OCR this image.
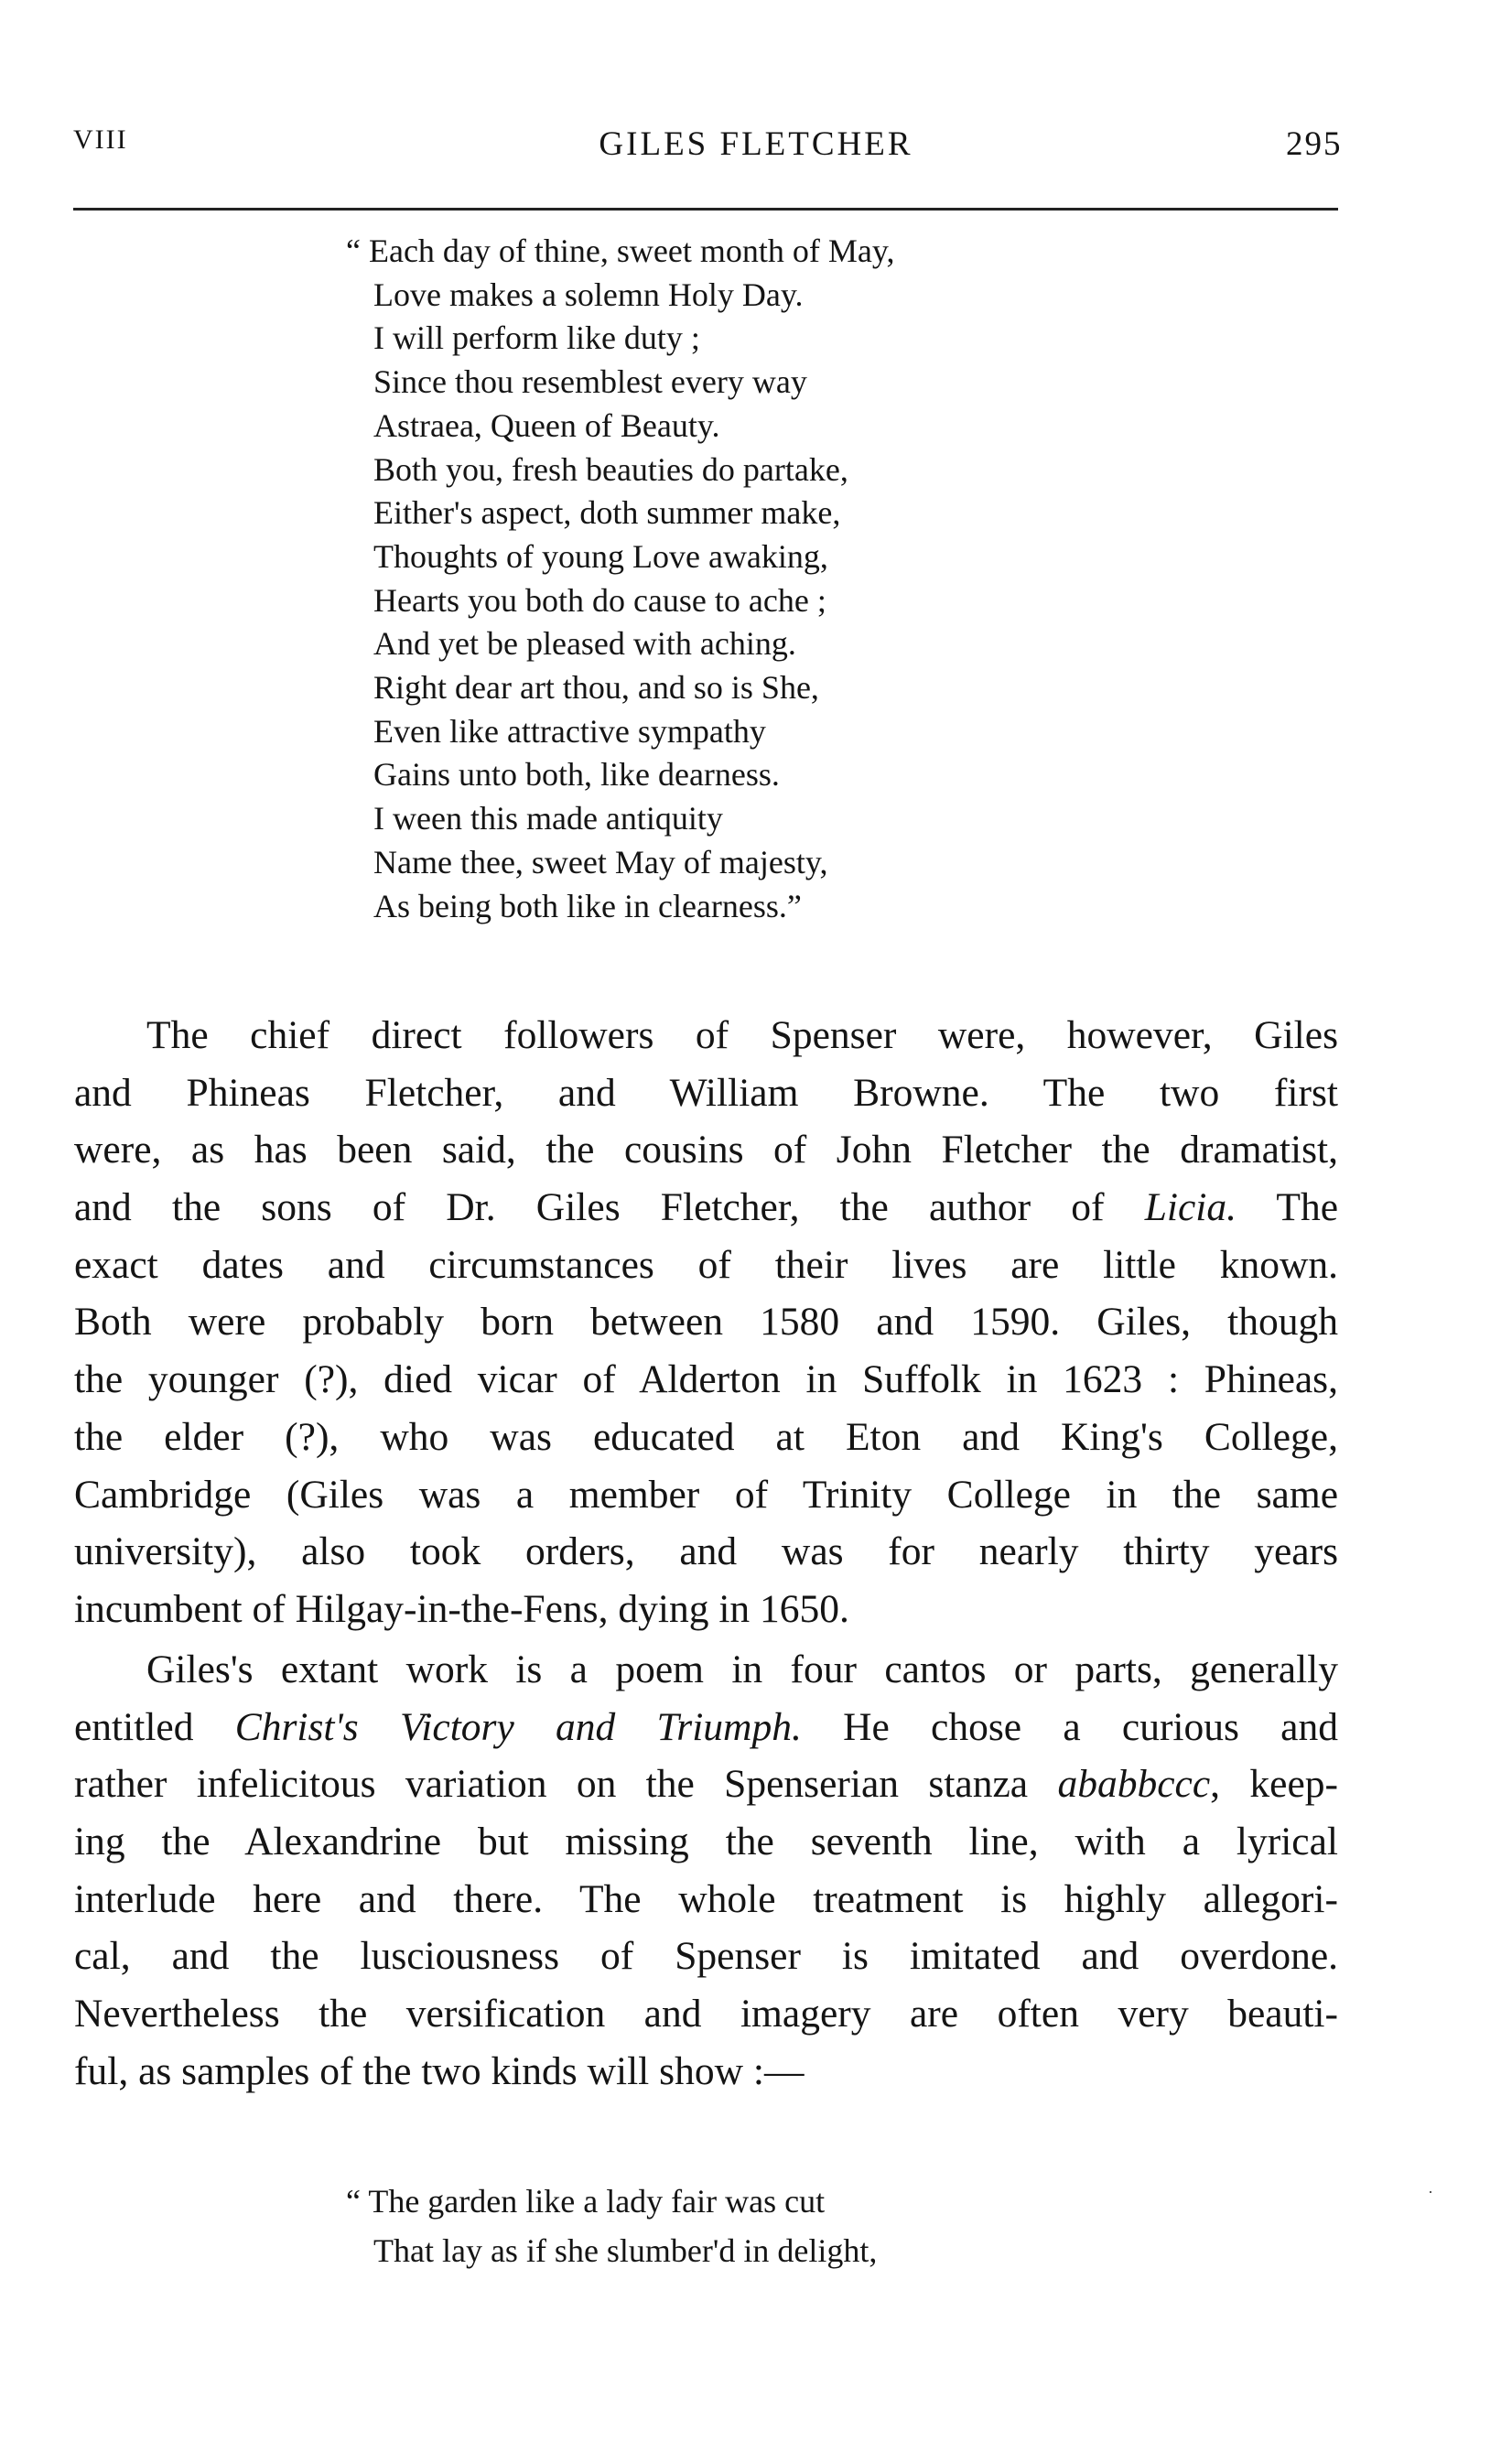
VIII	GILES FLETCHER	295
“ Each day of thine, sweet month of May,
Love makes a solemn Holy Day.
I will perform like duty ;
Since thou resemblest every way
Astraea, Queen of Beauty.
Both you, fresh beauties do partake,
Either's aspect, doth summer make,
Thoughts of young Love awaking,
Hearts you both do cause to ache ;
And yet be pleased with aching.
Right dear art thou, and so is She,
Even like attractive sympathy
Gains unto both, like dearness.
I ween this made antiquity
Name thee, sweet May of majesty,
As being both like in clearness.”
The chief direct followers of Spenser were, however, Giles
and Phineas Fletcher, and William Browne. The two first
were, as has been said, the cousins of John Fletcher the dramatist,
and the sons of Dr. Giles Fletcher, the author of Licia. The
exact dates and circumstances of their lives are little known.
Both were probably born between 1580 and 1590. Giles, though
the younger (?), died vicar of Alderton in Suffolk in 1623 : Phineas,
the elder (?), who was educated at Eton and King's College,
Cambridge (Giles was a member of Trinity College in the same
university), also took orders, and was for nearly thirty years
incumbent of Hilgay-in-the-Fens, dying in 1650.
Giles's extant work is a poem in four cantos or parts, generally
entitled Christ's Victory and Triumph. He chose a curious and
rather infelicitous variation on the Spenserian stanza ababbccc, keep-
ing the Alexandrine but missing the seventh line, with a lyrical
interlude here and there. The whole treatment is highly allegori-
cal, and the lusciousness of Spenser is imitated and overdone.
Nevertheless the versification and imagery are often very beauti-
ful, as samples of the two kinds will show :—
“ The garden like a lady fair was cut
That lay as if she slumber'd in delight,
